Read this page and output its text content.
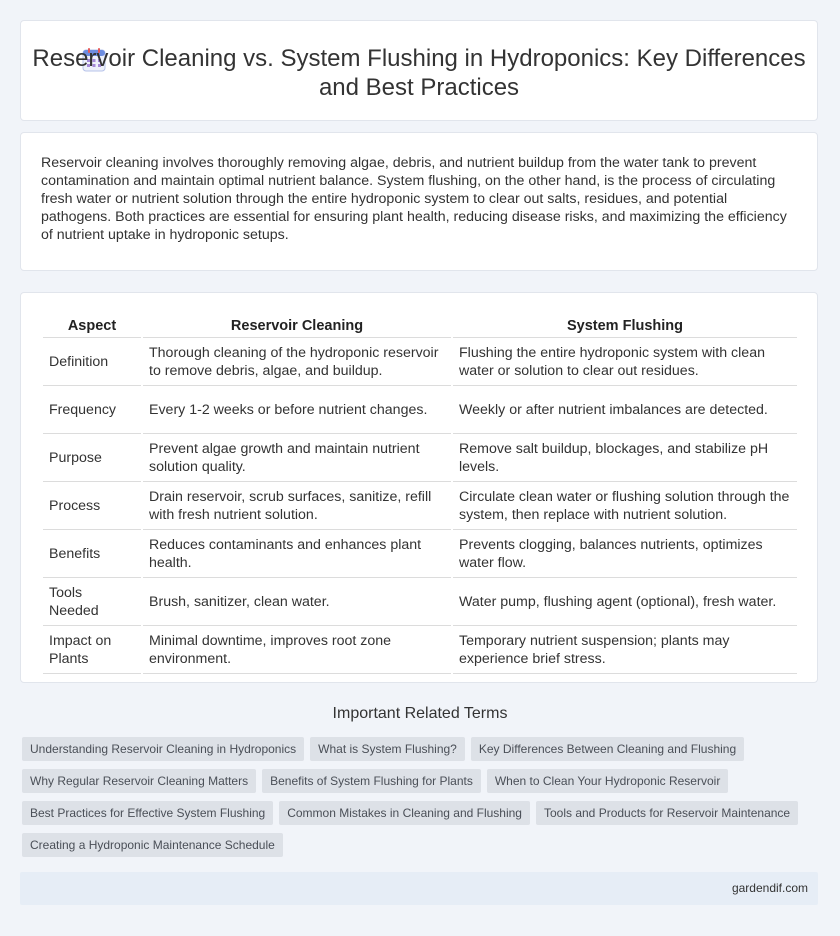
Reservoir Cleaning vs. System Flushing in Hydroponics: Key Differences and Best Practices

Reservoir cleaning involves thoroughly removing algae, debris, and nutrient buildup from the water tank to prevent contamination and maintain optimal nutrient balance. System flushing, on the other hand, is the process of circulating fresh water or nutrient solution through the entire hydroponic system to clear out salts, residues, and potential pathogens. Both practices are essential for ensuring plant health, reducing disease risks, and maximizing the efficiency of nutrient uptake in hydroponic setups.

Aspect	Reservoir Cleaning	System Flushing
Definition	Thorough cleaning of the hydroponic reservoir to remove debris, algae, and buildup.	Flushing the entire hydroponic system with clean water or solution to clear out residues.
Frequency	Every 1-2 weeks or before nutrient changes.	Weekly or after nutrient imbalances are detected.
Purpose	Prevent algae growth and maintain nutrient solution quality.	Remove salt buildup, blockages, and stabilize pH levels.
Process	Drain reservoir, scrub surfaces, sanitize, refill with fresh nutrient solution.	Circulate clean water or flushing solution through the system, then replace with nutrient solution.
Benefits	Reduces contaminants and enhances plant health.	Prevents clogging, balances nutrients, optimizes water flow.
Tools Needed	Brush, sanitizer, clean water.	Water pump, flushing agent (optional), fresh water.
Impact on Plants	Minimal downtime, improves root zone environment.	Temporary nutrient suspension; plants may experience brief stress.
Important Related Terms
Understanding Reservoir Cleaning in Hydroponics	What is System Flushing?	Key Differences Between Cleaning and Flushing
Why Regular Reservoir Cleaning Matters	Benefits of System Flushing for Plants	When to Clean Your Hydroponic Reservoir
Best Practices for Effective System Flushing	Common Mistakes in Cleaning and Flushing	Tools and Products for Reservoir Maintenance
Creating a Hydroponic Maintenance Schedule
gardendif.com
